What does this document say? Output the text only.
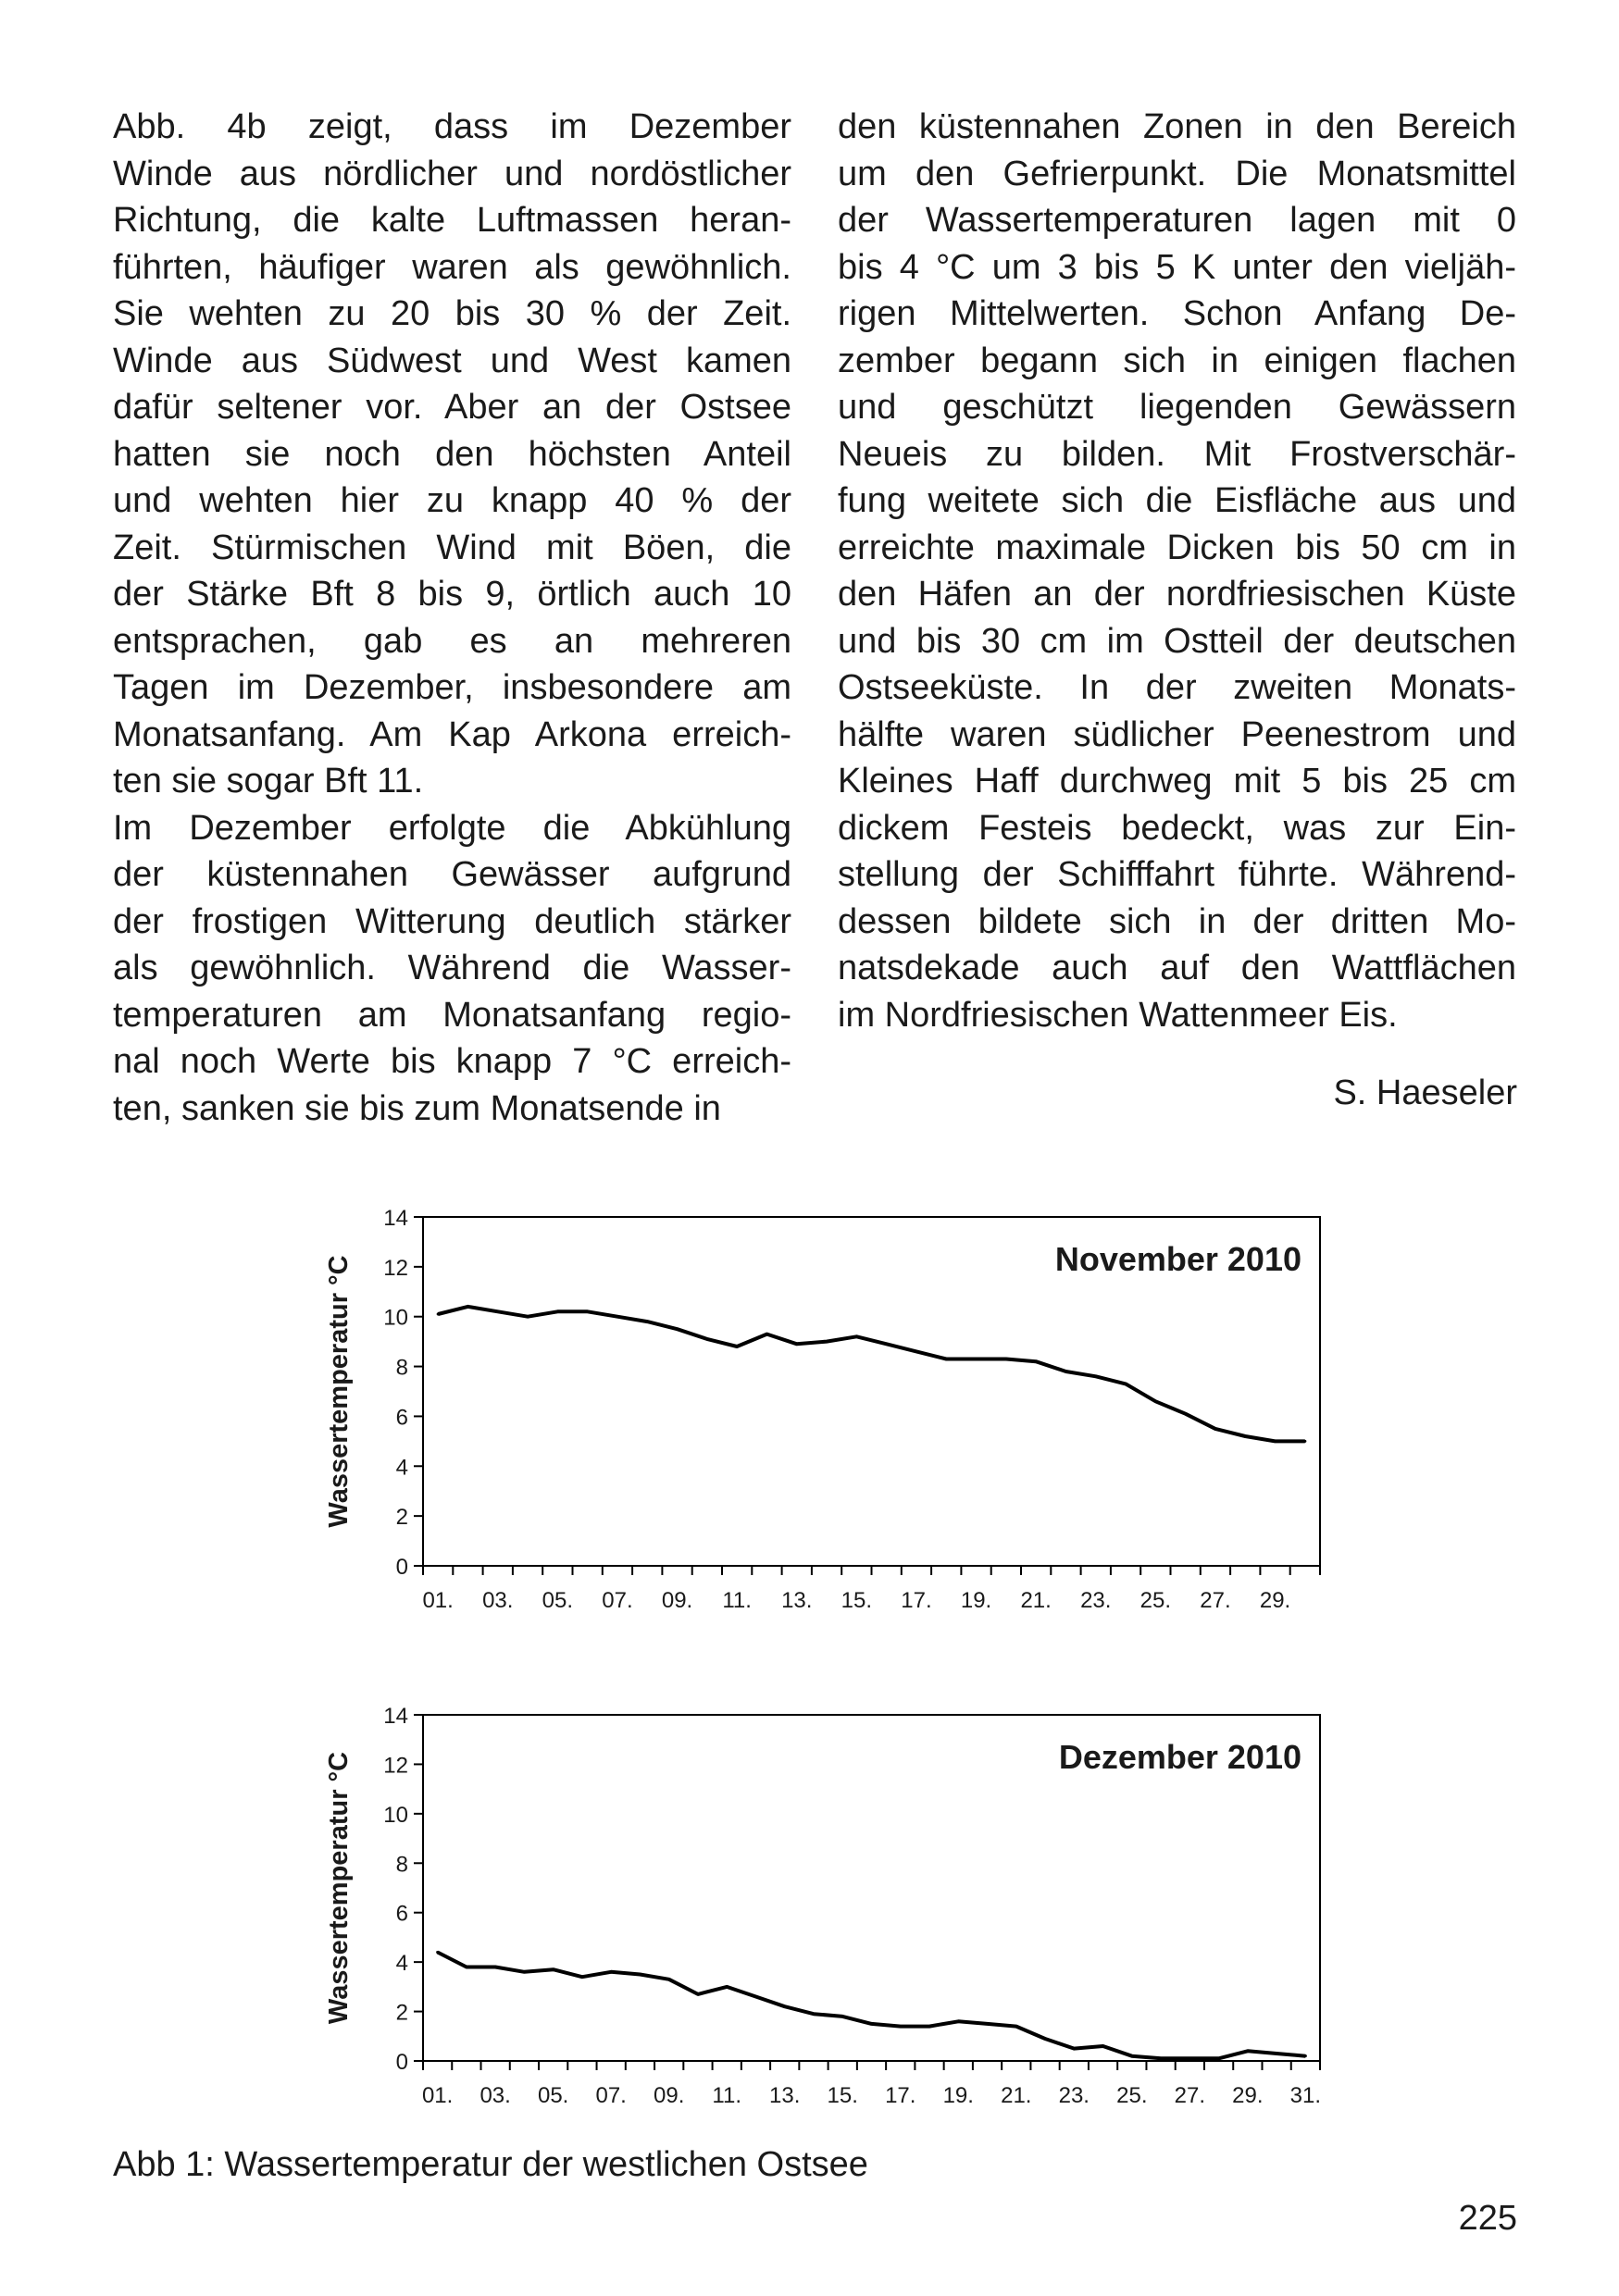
Abb. 4b zeigt, dass im Dezember
Winde aus nördlicher und nordöstlicher
Richtung, die kalte Luftmassen heran-
führten, häufiger waren als gewöhnlich.
Sie wehten zu 20 bis 30 % der Zeit.
Winde aus Südwest und West kamen
dafür seltener vor. Aber an der Ostsee
hatten sie noch den höchsten Anteil
und wehten hier zu knapp 40 % der
Zeit. Stürmischen Wind mit Böen, die
der Stärke Bft 8 bis 9, örtlich auch 10
entsprachen, gab es an mehreren
Tagen im Dezember, insbesondere am
Monatsanfang. Am Kap Arkona erreich-
ten sie sogar Bft 11.
Im Dezember erfolgte die Abkühlung
der küstennahen Gewässer aufgrund
der frostigen Witterung deutlich stärker
als gewöhnlich. Während die Wasser-
temperaturen am Monatsanfang regio-
nal noch Werte bis knapp 7 °C erreich-
ten, sanken sie bis zum Monatsende in
den küstennahen Zonen in den Bereich
um den Gefrierpunkt. Die Monatsmittel
der Wassertemperaturen lagen mit 0
bis 4 °C um 3 bis 5 K unter den vieljäh-
rigen Mittelwerten. Schon Anfang De-
zember begann sich in einigen flachen
und geschützt liegenden Gewässern
Neueis zu bilden. Mit Frostverschär-
fung weitete sich die Eisfläche aus und
erreichte maximale Dicken bis 50 cm in
den Häfen an der nordfriesischen Küste
und bis 30 cm im Ostteil der deutschen
Ostseeküste. In der zweiten Monats-
hälfte waren südlicher Peenestrom und
Kleines Haff durchweg mit 5 bis 25 cm
dickem Festeis bedeckt, was zur Ein-
stellung der Schifffahrt führte. Während-
dessen bildete sich in der dritten Mo-
natsdekade auch auf den Wattflächen
im Nordfriesischen Wattenmeer Eis.
S. Haeseler
0
2
4
6
8
10
12
14
01. 03. 05. 07. 09. 11. 13. 15. 17. 19. 21. 23. 25. 27. 29.
November 2010
Wassertemperatur °C
0
2
4
6
8
10
12
14
01. 03. 05. 07. 09. 11. 13. 15. 17. 19. 21. 23. 25. 27. 29. 31.
Dezember 2010
Wassertemperatur °C
Abb 1: Wassertemperatur der westlichen Ostsee
225
